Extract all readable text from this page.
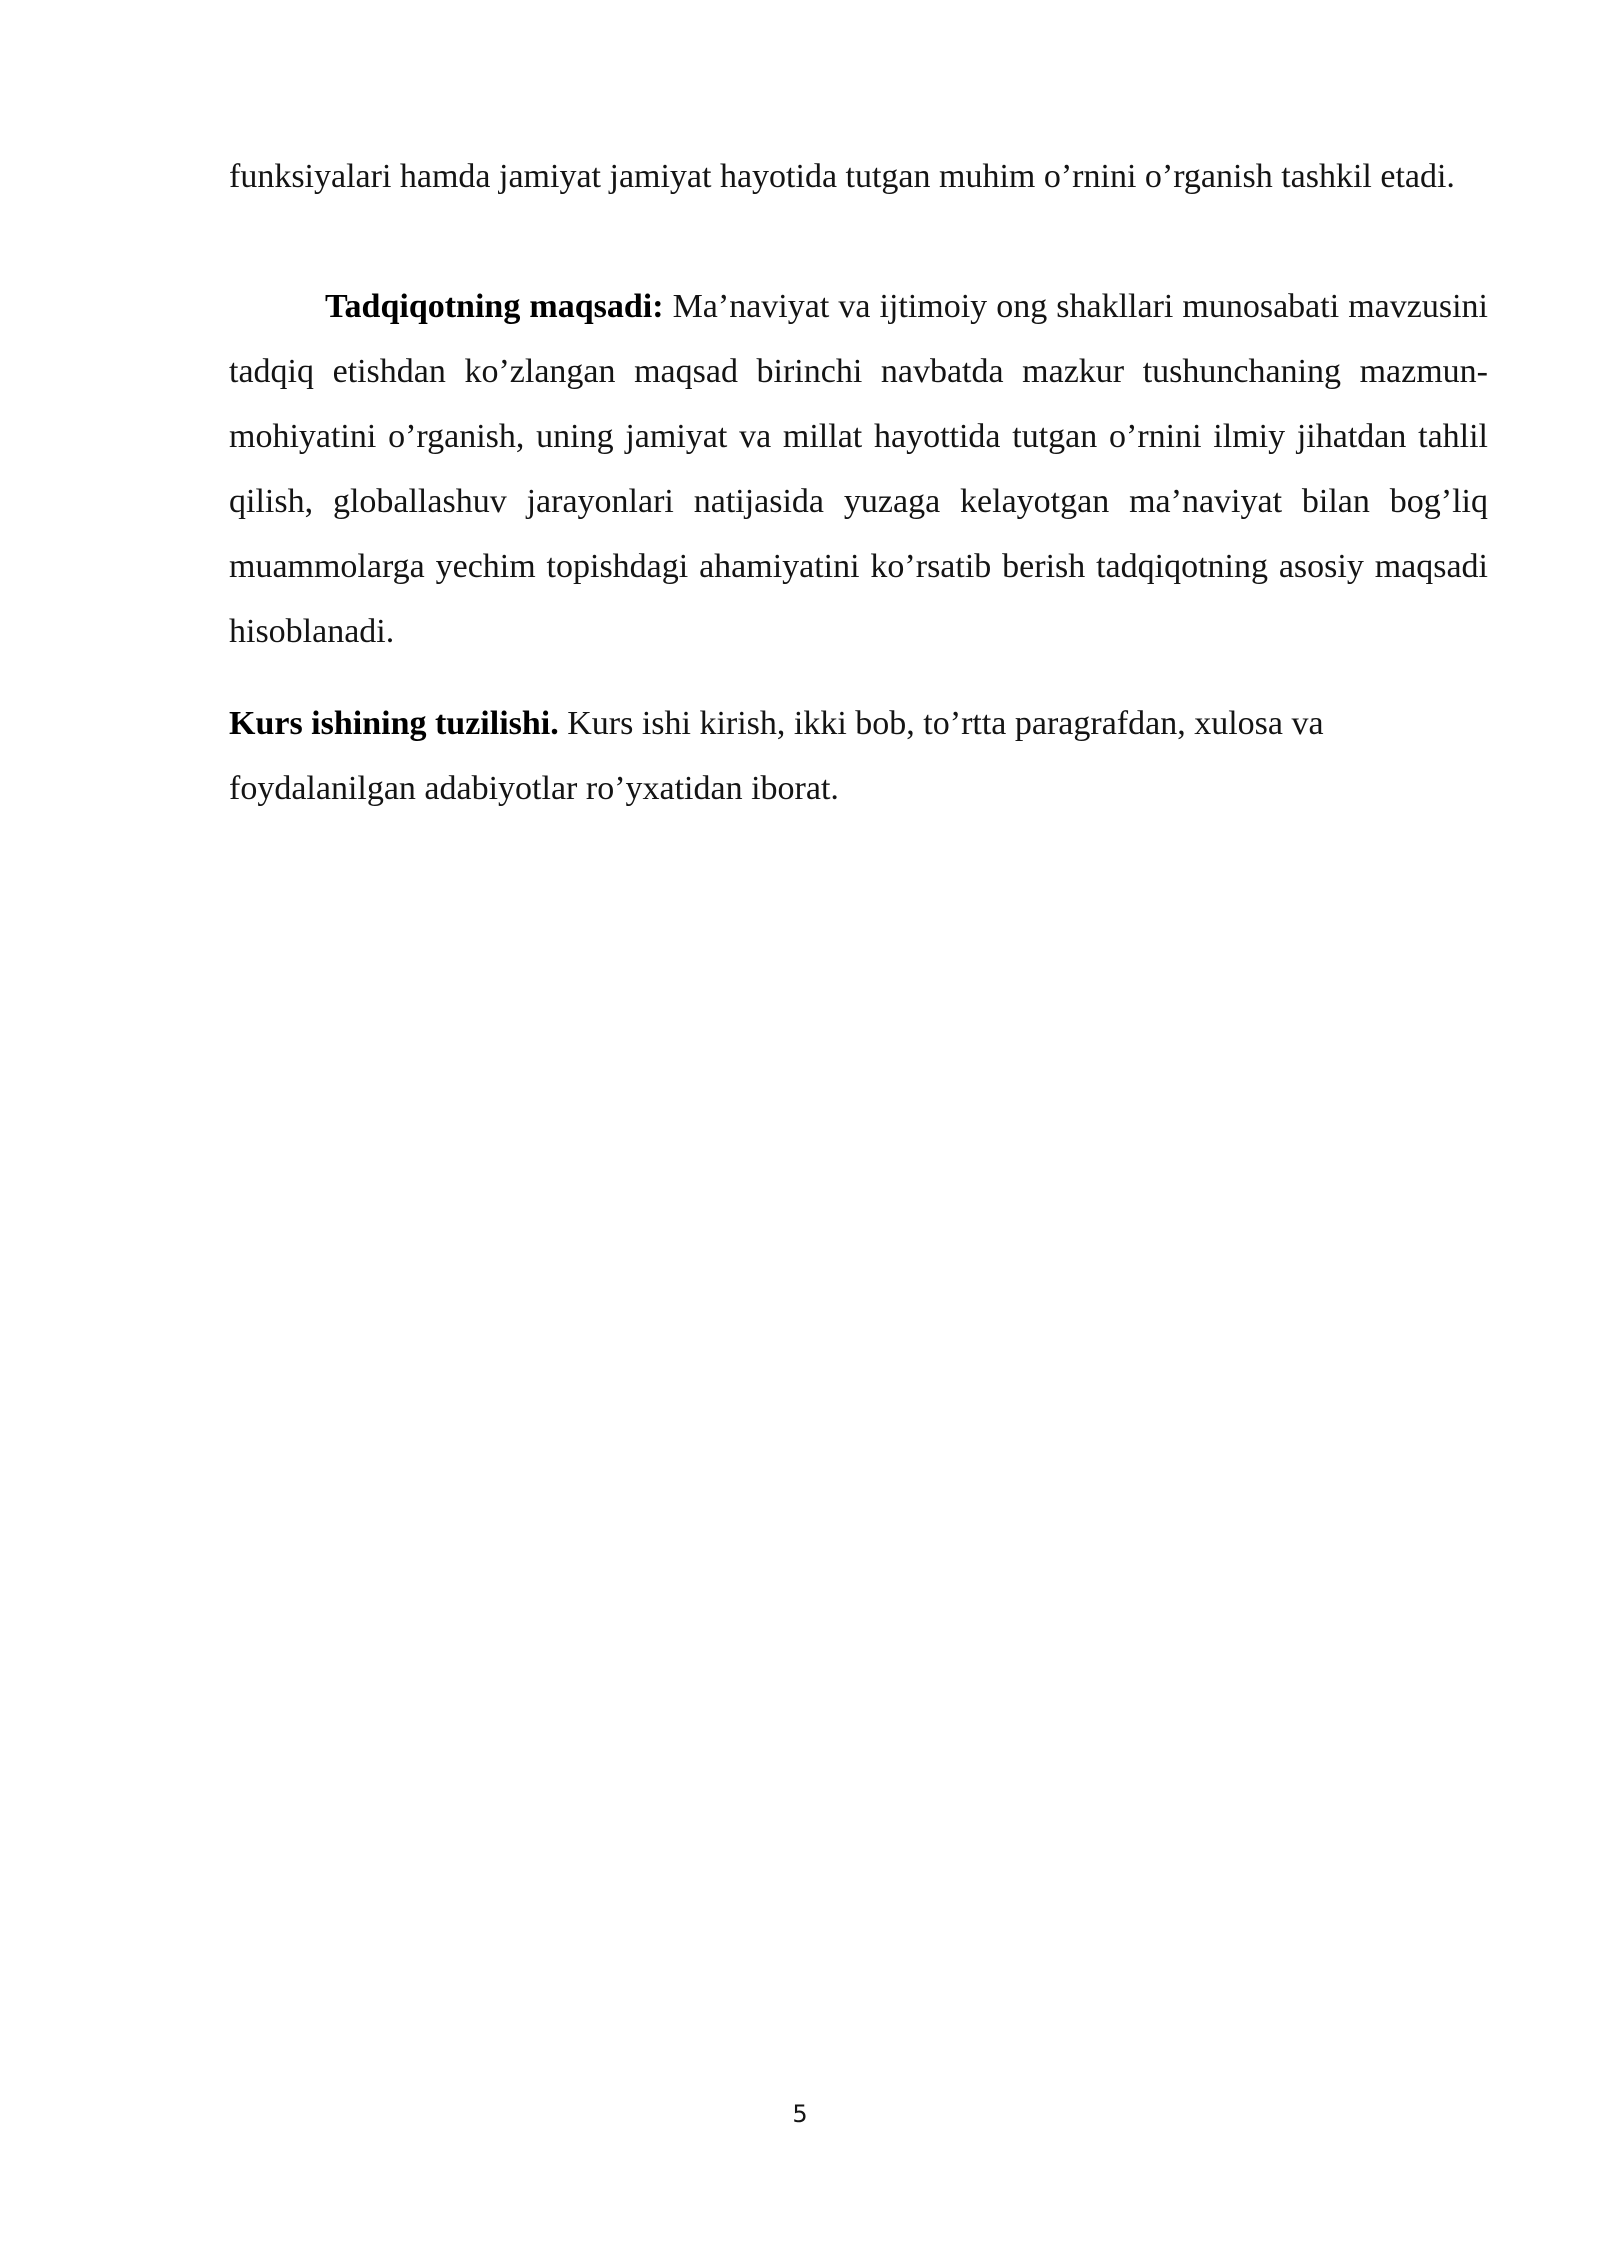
funksiyalari hamda jamiyat jamiyat hayotida tutgan muhim o’rnini o’rganish tashkil etadi.

Tadqiqotning maqsadi: Ma’naviyat va ijtimoiy ong shakllari munosabati mavzusini tadqiq etishdan ko’zlangan maqsad birinchi navbatda mazkur tushunchaning mazmun-mohiyatini o’rganish, uning jamiyat va millat hayottida tutgan o’rnini ilmiy jihatdan tahlil qilish, globallashuv jarayonlari natijasida yuzaga kelayotgan ma’naviyat bilan bog’liq muammolarga yechim topishdagi ahamiyatini ko’rsatib berish tadqiqotning asosiy maqsadi hisoblanadi.

Kurs ishining tuzilishi. Kurs ishi kirish, ikki bob, to’rtta paragrafdan, xulosa va
foydalanilgan adabiyotlar ro’yxatidan iborat.

5
